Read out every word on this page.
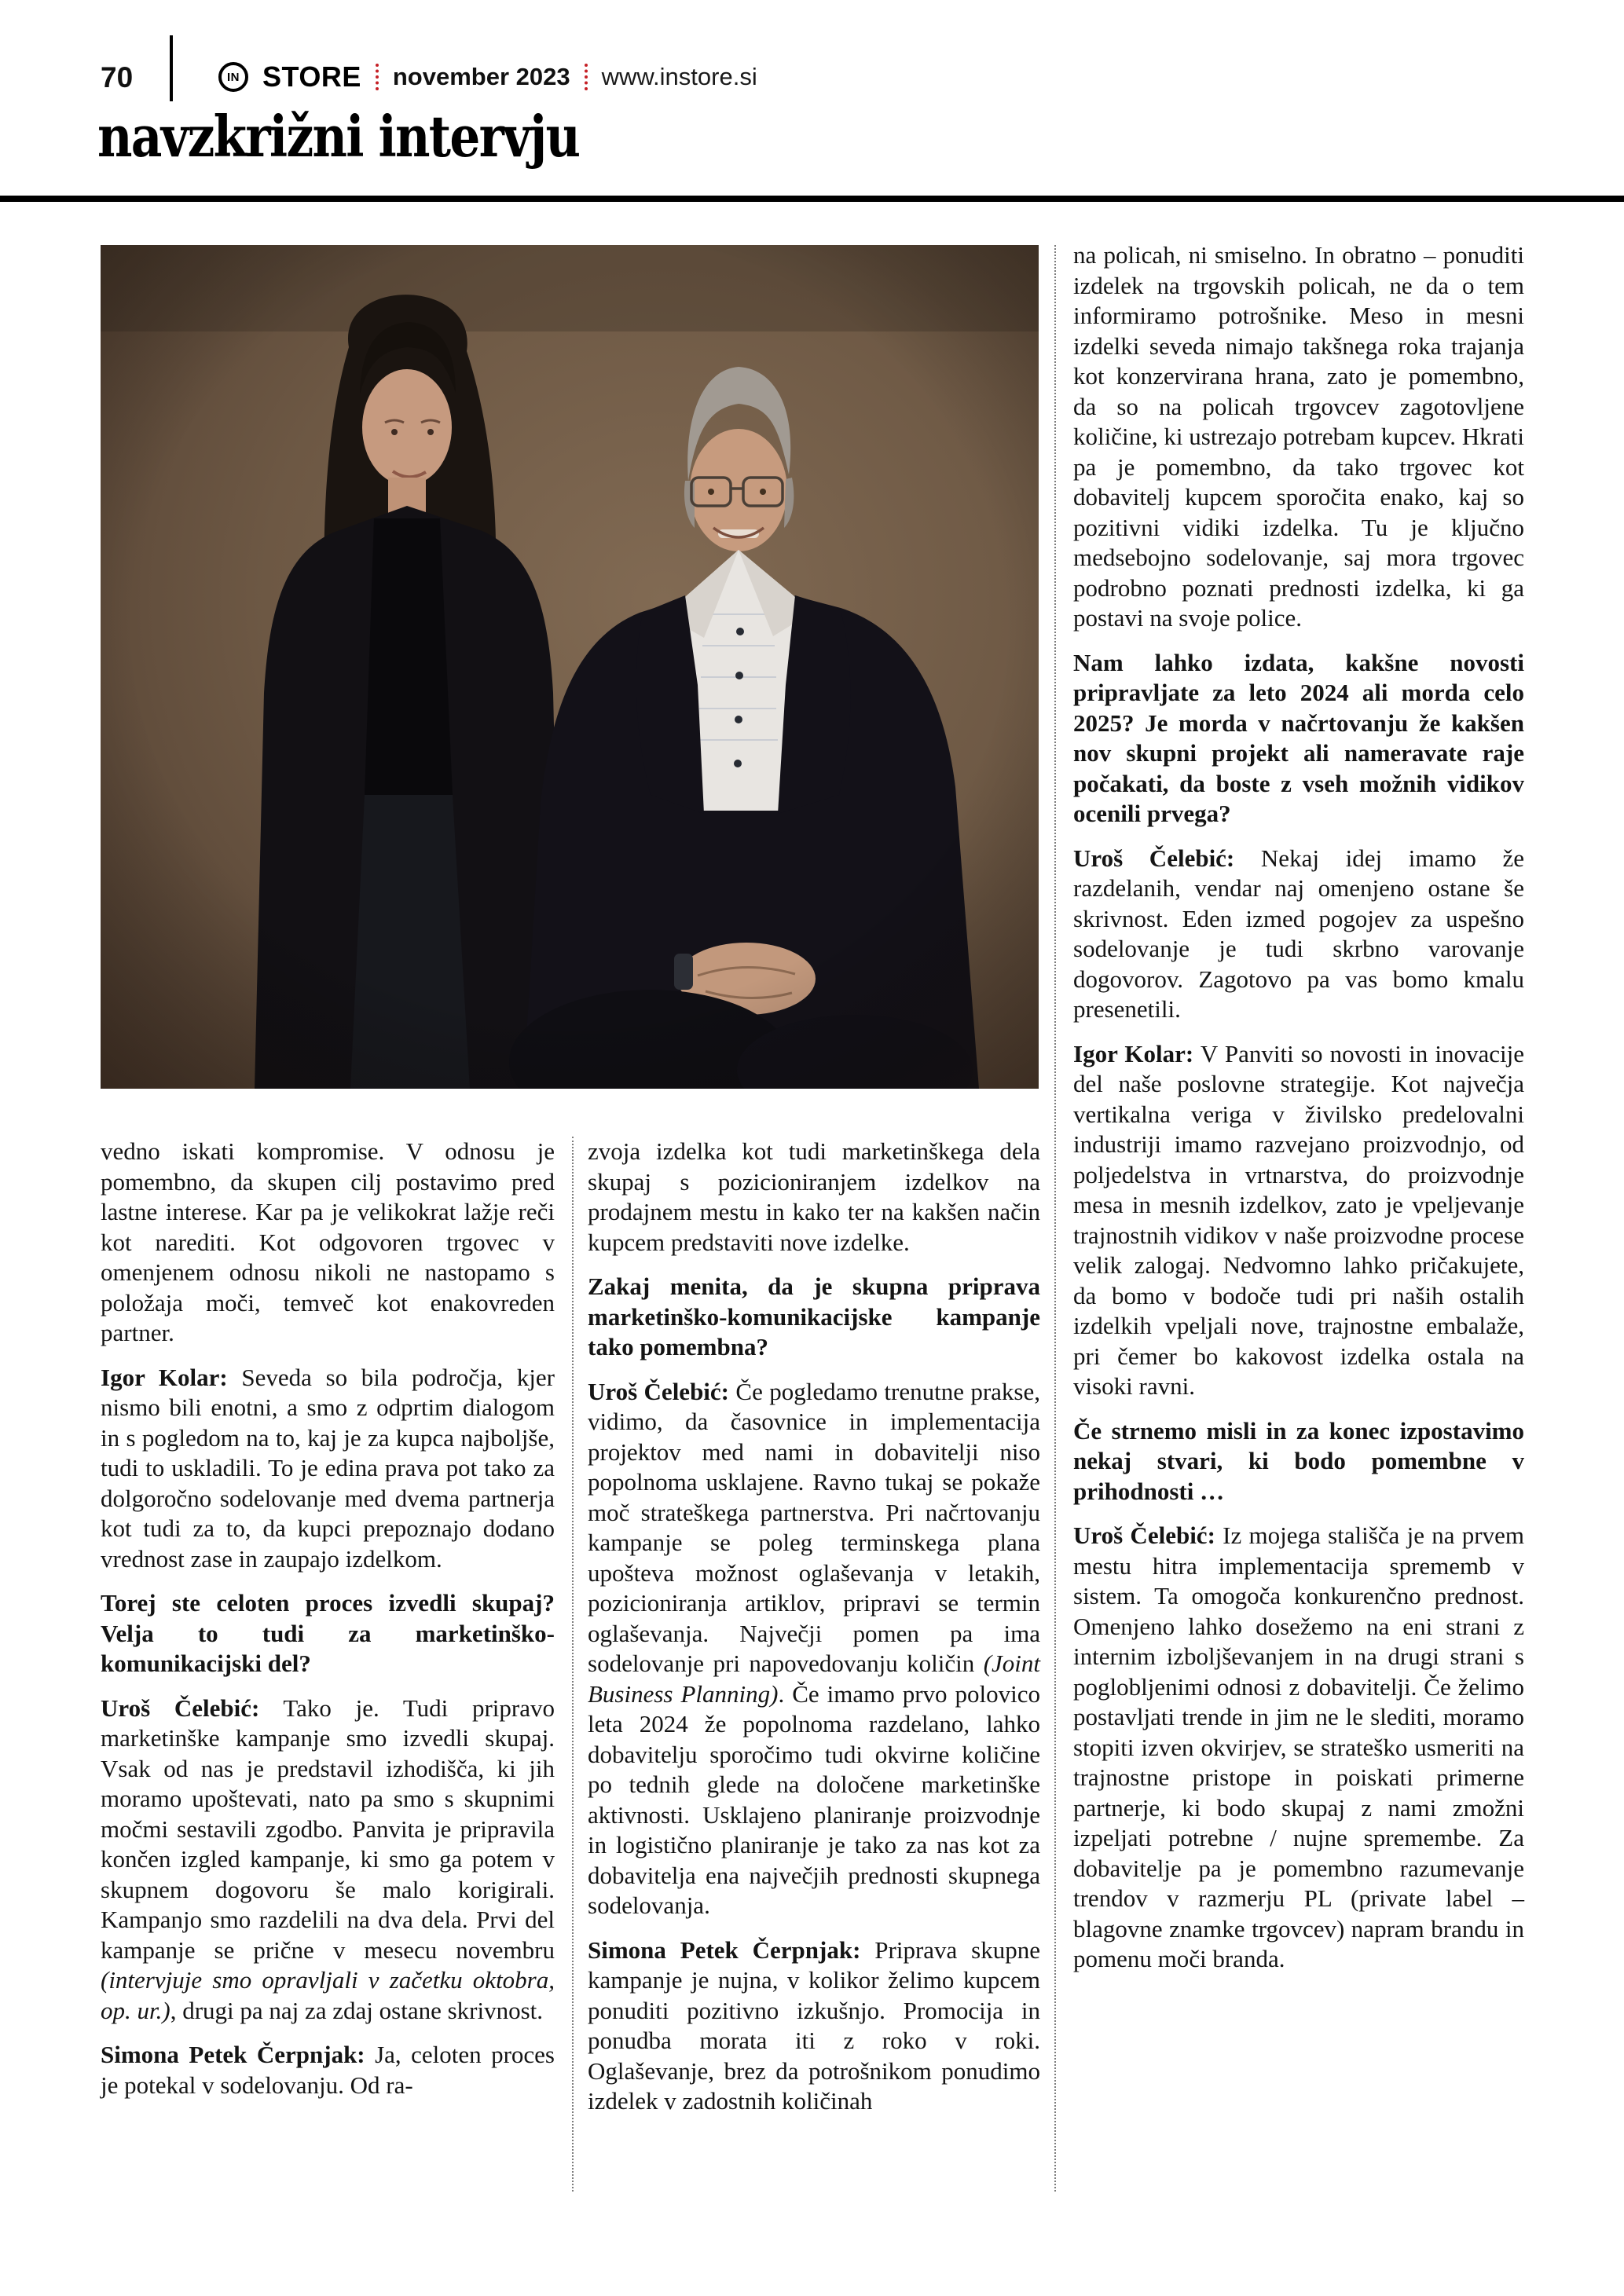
70	IN STORE november 2023 www.instore.si
navzkrižni intervju

vedno iskati kompromise. V odnosu je pomembno, da skupen cilj postavimo pred lastne interese. Kar pa je velikokrat lažje reči kot narediti. Kot odgovoren trgovec v omenjenem odnosu nikoli ne nastopamo s položaja moči, temveč kot enakovreden partner.

Igor Kolar: Seveda so bila področja, kjer nismo bili enotni, a smo z odprtim dialogom in s pogledom na to, kaj je za kupca najboljše, tudi to uskladili. To je edina prava pot tako za dolgoročno sodelovanje med dvema partnerja kot tudi za to, da kupci prepoznajo dodano vrednost zase in zaupajo izdelkom.

Torej ste celoten proces izvedli skupaj? Velja to tudi za marketinško-komunikacijski del?

Uroš Čelebić: Tako je. Tudi pripravo marketinške kampanje smo izvedli skupaj. Vsak od nas je predstavil izhodišča, ki jih moramo upoštevati, nato pa smo s skupnimi močmi sestavili zgodbo. Panvita je pripravila končen izgled kampanje, ki smo ga potem v skupnem dogovoru še malo korigirali. Kampanjo smo razdelili na dva dela. Prvi del kampanje se prične v mesecu novembru (intervjuje smo opravljali v začetku oktobra, op. ur.), drugi pa naj za zdaj ostane skrivnost.

Simona Petek Čerpnjak: Ja, celoten proces je potekal v sodelovanju. Od ra-

zvoja izdelka kot tudi marketinškega dela skupaj s pozicioniranjem izdelkov na prodajnem mestu in kako ter na kakšen način kupcem predstaviti nove izdelke.

Zakaj menita, da je skupna priprava marketinško-komunikacijske kampanje tako pomembna?

Uroš Čelebić: Če pogledamo trenutne prakse, vidimo, da časovnice in implementacija projektov med nami in dobavitelji niso popolnoma usklajene. Ravno tukaj se pokaže moč strateškega partnerstva. Pri načrtovanju kampanje se poleg terminskega plana upošteva možnost oglaševanja v letakih, pozicioniranja artiklov, pripravi se termin oglaševanja. Največji pomen pa ima sodelovanje pri napovedovanju količin (Joint Business Planning). Če imamo prvo polovico leta 2024 že popolnoma razdelano, lahko dobavitelju sporočimo tudi okvirne količine po tednih glede na določene marketinške aktivnosti. Usklajeno planiranje proizvodnje in logistično planiranje je tako za nas kot za dobavitelja ena največjih prednosti skupnega sodelovanja.

Simona Petek Čerpnjak: Priprava skupne kampanje je nujna, v kolikor želimo kupcem ponuditi pozitivno izkušnjo. Promocija in ponudba morata iti z roko v roki. Oglaševanje, brez da potrošnikom ponudimo izdelek v zadostnih količinah

na policah, ni smiselno. In obratno – ponuditi izdelek na trgovskih policah, ne da o tem informiramo potrošnike. Meso in mesni izdelki seveda nimajo takšnega roka trajanja kot konzervirana hrana, zato je pomembno, da so na policah trgovcev zagotovljene količine, ki ustrezajo potrebam kupcev. Hkrati pa je pomembno, da tako trgovec kot dobavitelj kupcem sporočita enako, kaj so pozitivni vidiki izdelka. Tu je ključno medsebojno sodelovanje, saj mora trgovec podrobno poznati prednosti izdelka, ki ga postavi na svoje police.

Nam lahko izdata, kakšne novosti pripravljate za leto 2024 ali morda celo 2025? Je morda v načrtovanju že kakšen nov skupni projekt ali nameravate raje počakati, da boste z vseh možnih vidikov ocenili prvega?

Uroš Čelebić: Nekaj idej imamo že razdelanih, vendar naj omenjeno ostane še skrivnost. Eden izmed pogojev za uspešno sodelovanje je tudi skrbno varovanje dogovorov. Zagotovo pa vas bomo kmalu presenetili.

Igor Kolar: V Panviti so novosti in inovacije del naše poslovne strategije. Kot največja vertikalna veriga v živilsko predelovalni industriji imamo razvejano proizvodnjo, od poljedelstva in vrtnarstva, do proizvodnje mesa in mesnih izdelkov, zato je vpeljevanje trajnostnih vidikov v naše proizvodne procese velik zalogaj. Nedvomno lahko pričakujete, da bomo v bodoče tudi pri naših ostalih izdelkih vpeljali nove, trajnostne embalaže, pri čemer bo kakovost izdelka ostala na visoki ravni.

Če strnemo misli in za konec izpostavimo nekaj stvari, ki bodo pomembne v prihodnosti …

Uroš Čelebić: Iz mojega stališča je na prvem mestu hitra implementacija sprememb v sistem. Ta omogoča konkurenčno prednost. Omenjeno lahko dosežemo na eni strani z internim izboljševanjem in na drugi strani s poglobljenimi odnosi z dobavitelji. Če želimo postavljati trende in jim ne le slediti, moramo stopiti izven okvirjev, se strateško usmeriti na trajnostne pristope in poiskati primerne partnerje, ki bodo skupaj z nami zmožni izpeljati potrebne / nujne spremembe. Za dobavitelje pa je pomembno razumevanje trendov v razmerju PL (private label – blagovne znamke trgovcev) napram brandu in pomenu moči branda.
